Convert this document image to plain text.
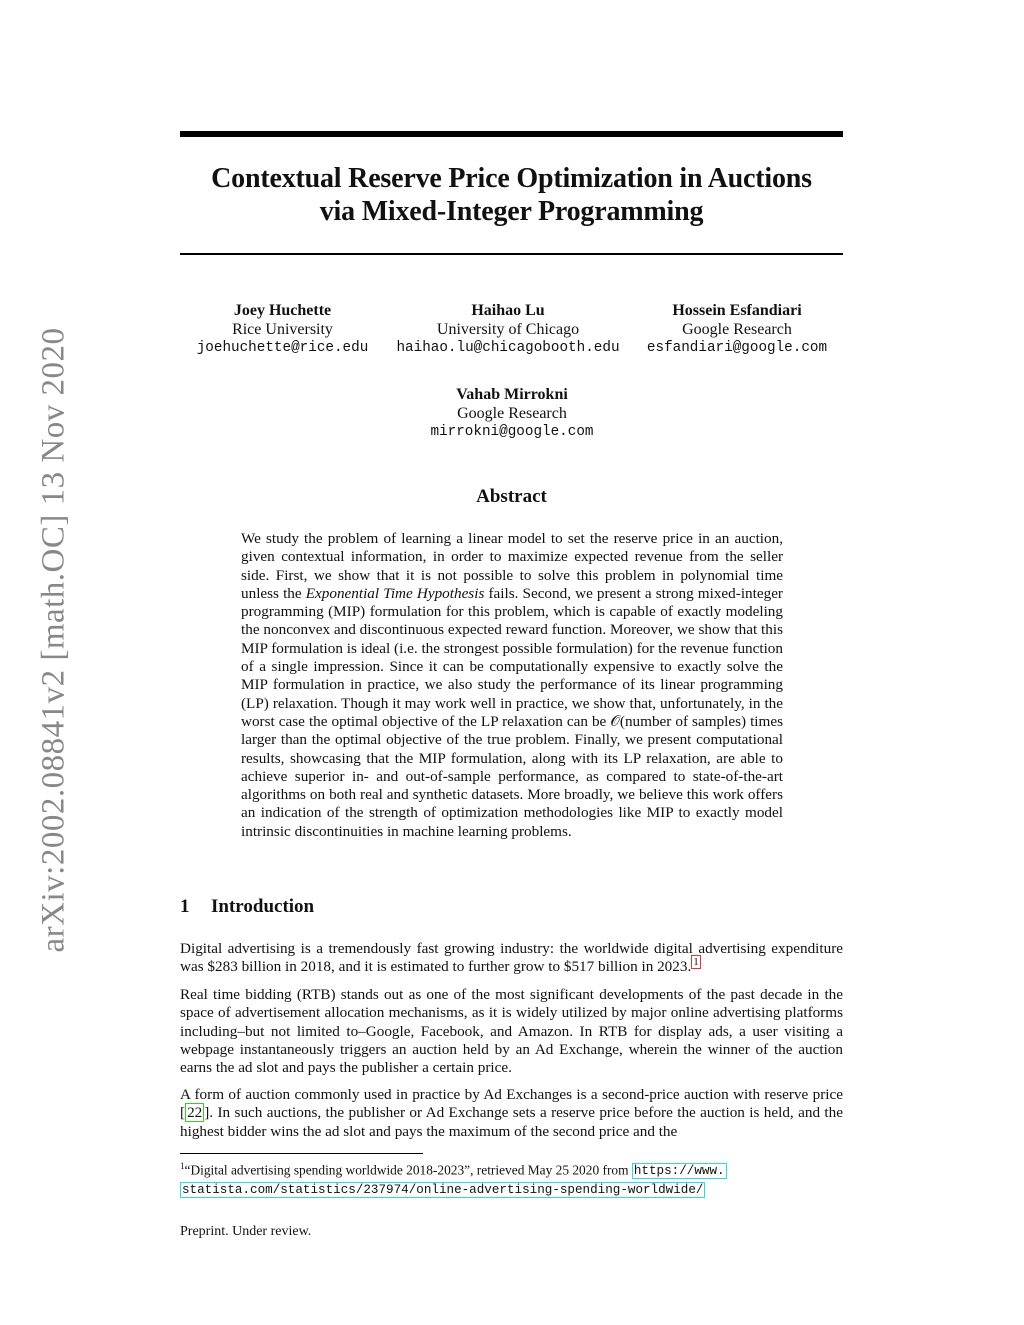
arXiv:2002.08841v2 [math.OC] 13 Nov 2020
Contextual Reserve Price Optimization in Auctions
via Mixed-Integer Programming
Joey Huchette
Rice University
joehuchette@rice.edu
Haihao Lu
University of Chicago
haihao.lu@chicagobooth.edu
Hossein Esfandiari
Google Research
esfandiari@google.com
Vahab Mirrokni
Google Research
mirrokni@google.com
Abstract
We study the problem of learning a linear model to set the reserve price in an auction, given contextual information, in order to maximize expected revenue from the seller side. First, we show that it is not possible to solve this problem in polynomial time unless the Exponential Time Hypothesis fails. Second, we present a strong mixed-integer programming (MIP) formulation for this problem, which is capable of exactly modeling the nonconvex and discontinuous expected reward function. Moreover, we show that this MIP formulation is ideal (i.e. the strongest possible formulation) for the revenue function of a single impression. Since it can be computationally expensive to exactly solve the MIP formulation in practice, we also study the performance of its linear programming (LP) relaxation. Though it may work well in practice, we show that, unfortunately, in the worst case the optimal objective of the LP relaxation can be 𝒪(number of samples) times larger than the optimal objective of the true problem. Finally, we present computational results, showcasing that the MIP formulation, along with its LP relaxation, are able to achieve superior in- and out-of-sample performance, as compared to state-of-the-art algorithms on both real and synthetic datasets. More broadly, we believe this work offers an indication of the strength of optimization methodologies like MIP to exactly model intrinsic discontinuities in machine learning problems.
1 Introduction
Digital advertising is a tremendously fast growing industry: the worldwide digital advertising expenditure was $283 billion in 2018, and it is estimated to further grow to $517 billion in 2023. $^1$
Real time bidding (RTB) stands out as one of the most significant developments of the past decade in the space of advertisement allocation mechanisms, as it is widely utilized by major online advertising platforms including–but not limited to–Google, Facebook, and Amazon. In RTB for display ads, a user visiting a webpage instantaneously triggers an auction held by an Ad Exchange, wherein the winner of the auction earns the ad slot and pays the publisher a certain price.
A form of auction commonly used in practice by Ad Exchanges is a second-price auction with reserve price [ 22 ]. In such auctions, the publisher or Ad Exchange sets a reserve price before the auction is held, and the highest bidder wins the ad slot and pays the maximum of the second price and the
$^1$“Digital advertising spending worldwide 2018-2023”, retrieved May 25 2020 from https://www.
statista.com/statistics/237974/online-advertising-spending-worldwide/
Preprint. Under review.
